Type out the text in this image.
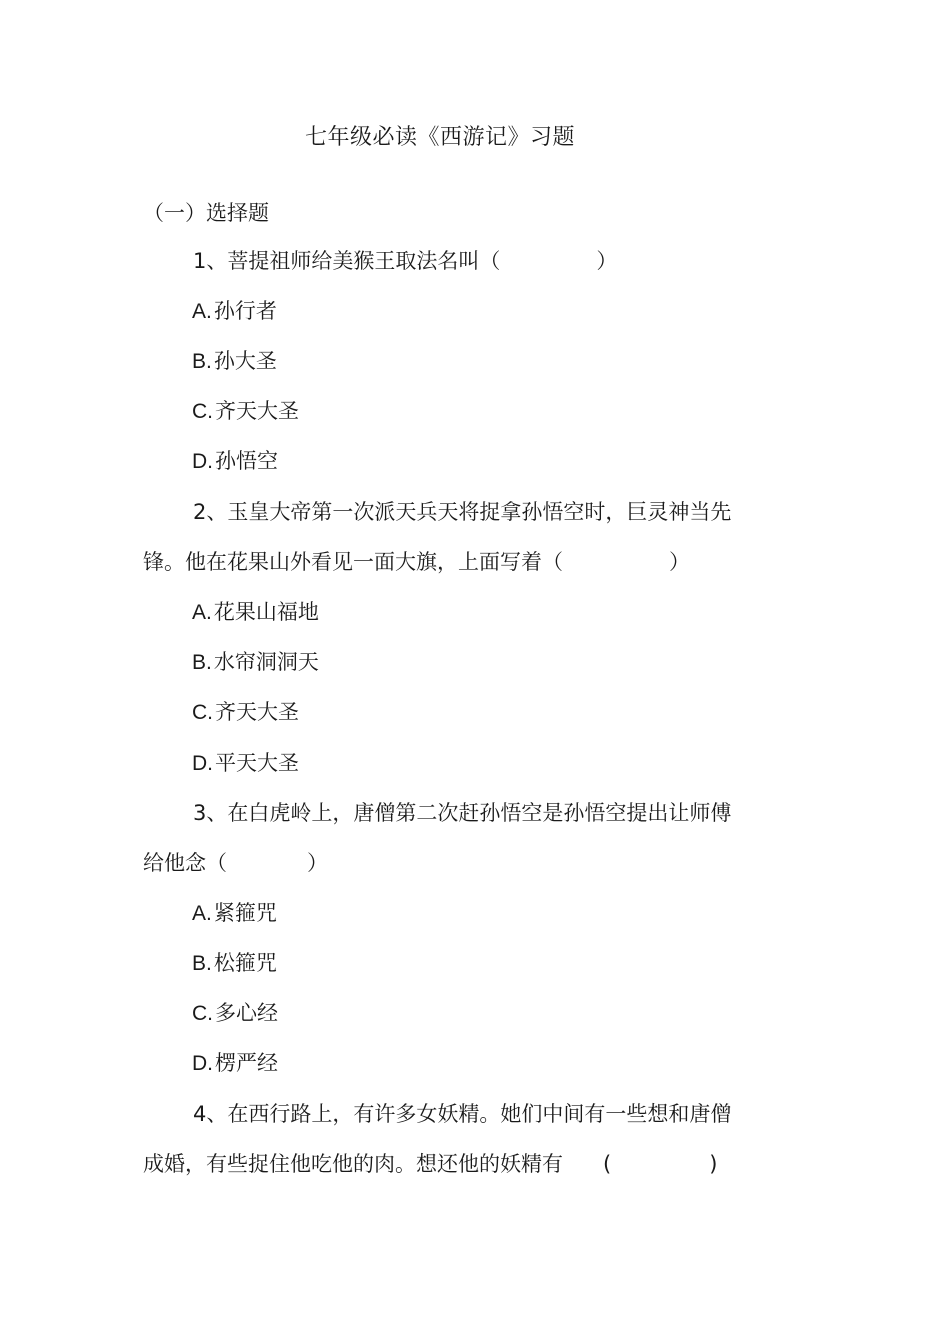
七年级必读《西游记》习题
（一）选择题
1、菩提祖师给美猴王取法名叫（	）
A.孙行者
B.孙大圣
C.齐天大圣
D.孙悟空
2、玉皇大帝第一次派天兵天将捉拿孙悟空时，巨灵神当先
锋。他在花果山外看见一面大旗，上面写着（	）
A.花果山福地
B.水帘洞洞天
C.齐天大圣
D.平天大圣
3、在白虎岭上，唐僧第二次赶孙悟空是孙悟空提出让师傅
给他念（	）
A.紧箍咒
B.松箍咒
C.多心经
D.楞严经
4、在西行路上，有许多女妖精。她们中间有一些想和唐僧
成婚，有些捉住他吃他的肉。想还他的妖精有 (	)
